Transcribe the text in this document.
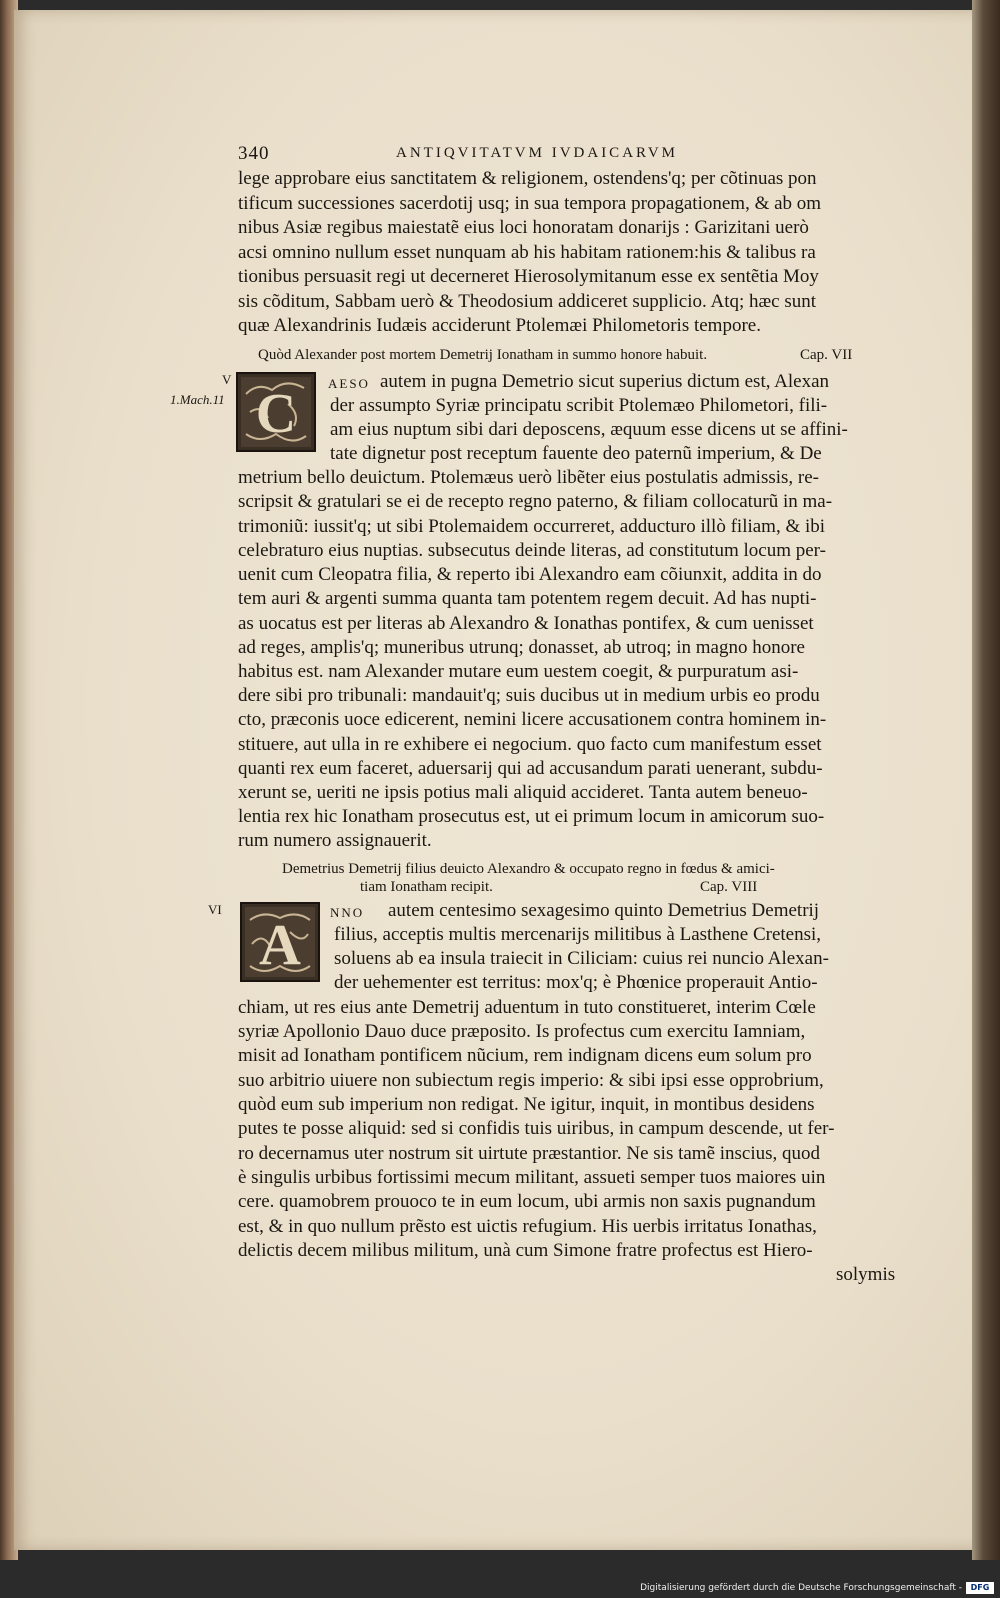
340	ANTIQVITATVM IVDAICARVM
lege approbare eius sanctitatem & religionem, ostendens'q; per cõtinuas pon
tificum successiones sacerdotij usq; in sua tempora propagationem, & ab om
nibus Asiæ regibus maiestatẽ eius loci honoratam donarijs : Garizitani uerò
acsi omnino nullum esset nunquam ab his habitam rationem:his & talibus ra
tionibus persuasit regi ut decerneret Hierosolymitanum esse ex sentẽtia Moy
sis cõditum, Sabbam uerò & Theodosium addiceret supplicio. Atq; hæc sunt
quæ Alexandrinis Iudæis acciderunt Ptolemæi Philometoris tempore.
Quòd Alexander post mortem Demetrij Ionatham in summo honore habuit.	Cap. VII
V
1.Mach.11 C AESO autem in pugna Demetrio sicut superius dictum est, Alexan
der assumpto Syriæ principatu scribit Ptolemæo Philometori, fili-
am eius nuptum sibi dari deposcens, æquum esse dicens ut se affini-
tate dignetur post receptum fauente deo paternũ imperium, & De
metrium bello deuictum. Ptolemæus uerò libẽter eius postulatis admissis, re-
scripsit & gratulari se ei de recepto regno paterno, & filiam collocaturũ in ma-
trimoniũ: iussit'q; ut sibi Ptolemaidem occurreret, adducturo illò filiam, & ibi
celebraturo eius nuptias. subsecutus deinde literas, ad constitutum locum per-
uenit cum Cleopatra filia, & reperto ibi Alexandro eam cõiunxit, addita in do
tem auri & argenti summa quanta tam potentem regem decuit. Ad has nupti-
as uocatus est per literas ab Alexandro & Ionathas pontifex, & cum uenisset
ad reges, amplis'q; muneribus utrunq; donasset, ab utroq; in magno honore
habitus est. nam Alexander mutare eum uestem coegit, & purpuratum asi-
dere sibi pro tribunali: mandauit'q; suis ducibus ut in medium urbis eo produ
cto, præconis uoce edicerent, nemini licere accusationem contra hominem in-
stituere, aut ulla in re exhibere ei negocium. quo facto cum manifestum esset
quanti rex eum faceret, aduersarij qui ad accusandum parati uenerant, subdu-
xerunt se, ueriti ne ipsis potius mali aliquid accideret. Tanta autem beneuo-
lentia rex hic Ionatham prosecutus est, ut ei primum locum in amicorum suo-
rum numero assignauerit.
Demetrius Demetrij filius deuicto Alexandro & occupato regno in fœdus & amici-
tiam Ionatham recipit.	Cap. VIII
VI
A NNO autem centesimo sexagesimo quinto Demetrius Demetrij
filius, acceptis multis mercenarijs militibus à Lasthene Cretensi,
soluens ab ea insula traiecit in Ciliciam: cuius rei nuncio Alexan-
der uehementer est territus: mox'q; è Phœnice properauit Antio-
chiam, ut res eius ante Demetrij aduentum in tuto constitueret, interim Cœle
syriæ Apollonio Dauo duce præposito. Is profectus cum exercitu Iamniam,
misit ad Ionatham pontificem nũcium, rem indignam dicens eum solum pro
suo arbitrio uiuere non subiectum regis imperio: & sibi ipsi esse opprobrium,
quòd eum sub imperium non redigat. Ne igitur, inquit, in montibus desidens
putes te posse aliquid: sed si confidis tuis uiribus, in campum descende, ut fer-
ro decernamus uter nostrum sit uirtute præstantior. Ne sis tamẽ inscius, quod
è singulis urbibus fortissimi mecum militant, assueti semper tuos maiores uin
cere. quamobrem prouoco te in eum locum, ubi armis non saxis pugnandum
est, & in quo nullum prẽsto est uictis refugium. His uerbis irritatus Ionathas,
delictis decem milibus militum, unà cum Simone fratre profectus est Hiero-
solymis
Digitalisierung gefördert durch die Deutsche Forschungsgemeinschaft -	DFG
